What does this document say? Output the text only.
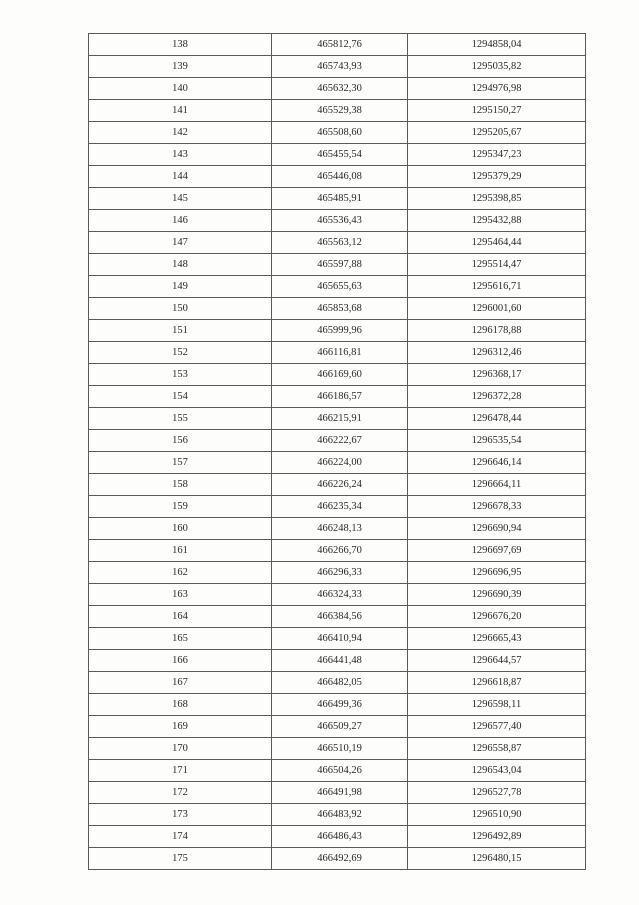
138	465812,76	1294858,04
139	465743,93	1295035,82
140	465632,30	1294976,98
141	465529,38	1295150,27
142	465508,60	1295205,67
143	465455,54	1295347,23
144	465446,08	1295379,29
145	465485,91	1295398,85
146	465536,43	1295432,88
147	465563,12	1295464,44
148	465597,88	1295514,47
149	465655,63	1295616,71
150	465853,68	1296001,60
151	465999,96	1296178,88
152	466116,81	1296312,46
153	466169,60	1296368,17
154	466186,57	1296372,28
155	466215,91	1296478,44
156	466222,67	1296535,54
157	466224,00	1296646,14
158	466226,24	1296664,11
159	466235,34	1296678,33
160	466248,13	1296690,94
161	466266,70	1296697,69
162	466296,33	1296696,95
163	466324,33	1296690,39
164	466384,56	1296676,20
165	466410,94	1296665,43
166	466441,48	1296644,57
167	466482,05	1296618,87
168	466499,36	1296598,11
169	466509,27	1296577,40
170	466510,19	1296558,87
171	466504,26	1296543,04
172	466491,98	1296527,78
173	466483,92	1296510,90
174	466486,43	1296492,89
175	466492,69	1296480,15
